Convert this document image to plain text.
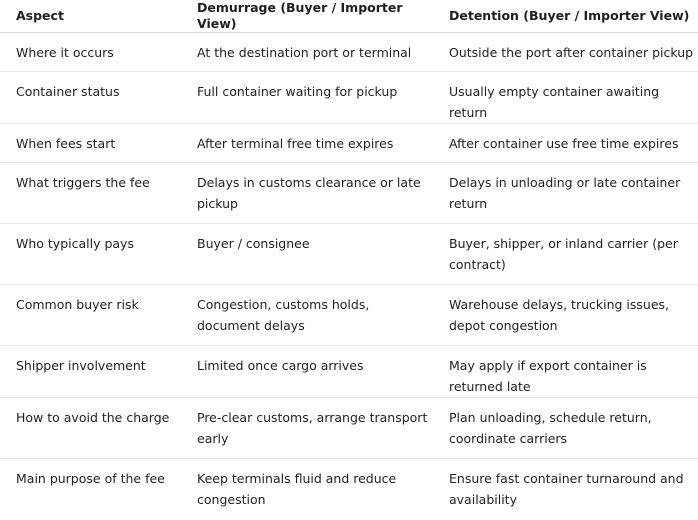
Aspect	Demurrage (Buyer / Importer View)	Detention (Buyer / Importer View)
Where it occurs	At the destination port or terminal	Outside the port after container pickup
Container status	Full container waiting for pickup	Usually empty container awaiting return
When fees start	After terminal free time expires	After container use free time expires
What triggers the fee	Delays in customs clearance or late pickup	Delays in unloading or late container return
Who typically pays	Buyer / consignee	Buyer, shipper, or inland carrier (per contract)
Common buyer risk	Congestion, customs holds, document delays	Warehouse delays, trucking issues, depot congestion
Shipper involvement	Limited once cargo arrives	May apply if export container is returned late
How to avoid the charge	Pre-clear customs, arrange transport early	Plan unloading, schedule return, coordinate carriers
Main purpose of the fee	Keep terminals fluid and reduce congestion	Ensure fast container turnaround and availability
